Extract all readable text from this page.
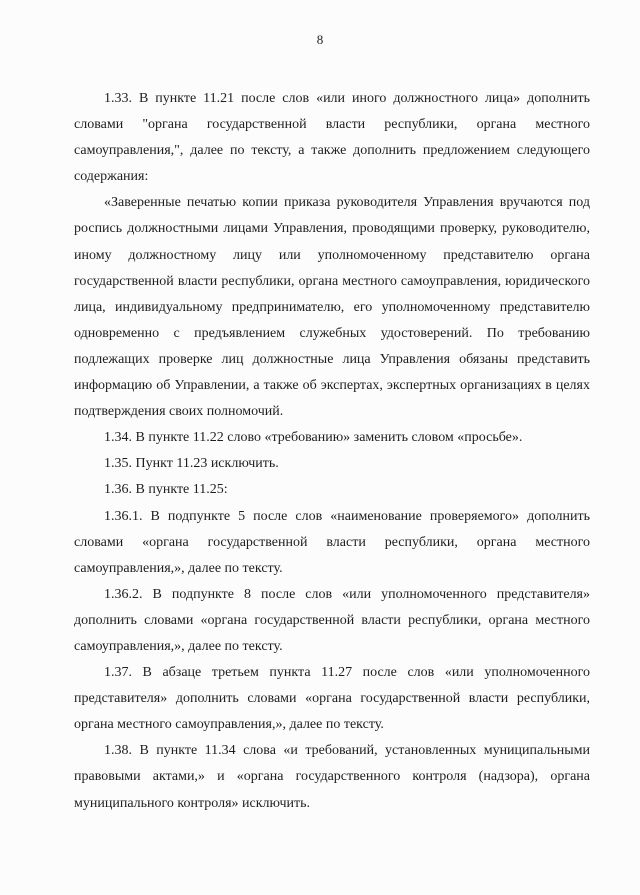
8

1.33. В пункте 11.21 после слов «или иного должностного лица» дополнить словами "органа государственной власти республики, органа местного самоуправления,", далее по тексту, а также дополнить предложением следующего содержания:

«Заверенные печатью копии приказа руководителя Управления вручаются под роспись должностными лицами Управления, проводящими проверку, руководителю, иному должностному лицу или уполномоченному представителю органа государственной власти республики, органа местного самоуправления, юридического лица, индивидуальному предпринимателю, его уполномоченному представителю одновременно с предъявлением служебных удостоверений. По требованию подлежащих проверке лиц должностные лица Управления обязаны представить информацию об Управлении, а также об экспертах, экспертных организациях в целях подтверждения своих полномочий.

1.34. В пункте 11.22 слово «требованию» заменить словом «просьбе».

1.35. Пункт 11.23 исключить.

1.36. В пункте 11.25:

1.36.1. В подпункте 5 после слов «наименование проверяемого» дополнить словами «органа государственной власти республики, органа местного самоуправления,», далее по тексту.

1.36.2. В подпункте 8 после слов «или уполномоченного представителя» дополнить словами «органа государственной власти республики, органа местного самоуправления,», далее по тексту.

1.37. В абзаце третьем пункта 11.27 после слов «или уполномоченного представителя» дополнить словами «органа государственной власти республики, органа местного самоуправления,», далее по тексту.

1.38. В пункте 11.34 слова «и требований, установленных муниципальными правовыми актами,» и «органа государственного контроля (надзора), органа муниципального контроля» исключить.
